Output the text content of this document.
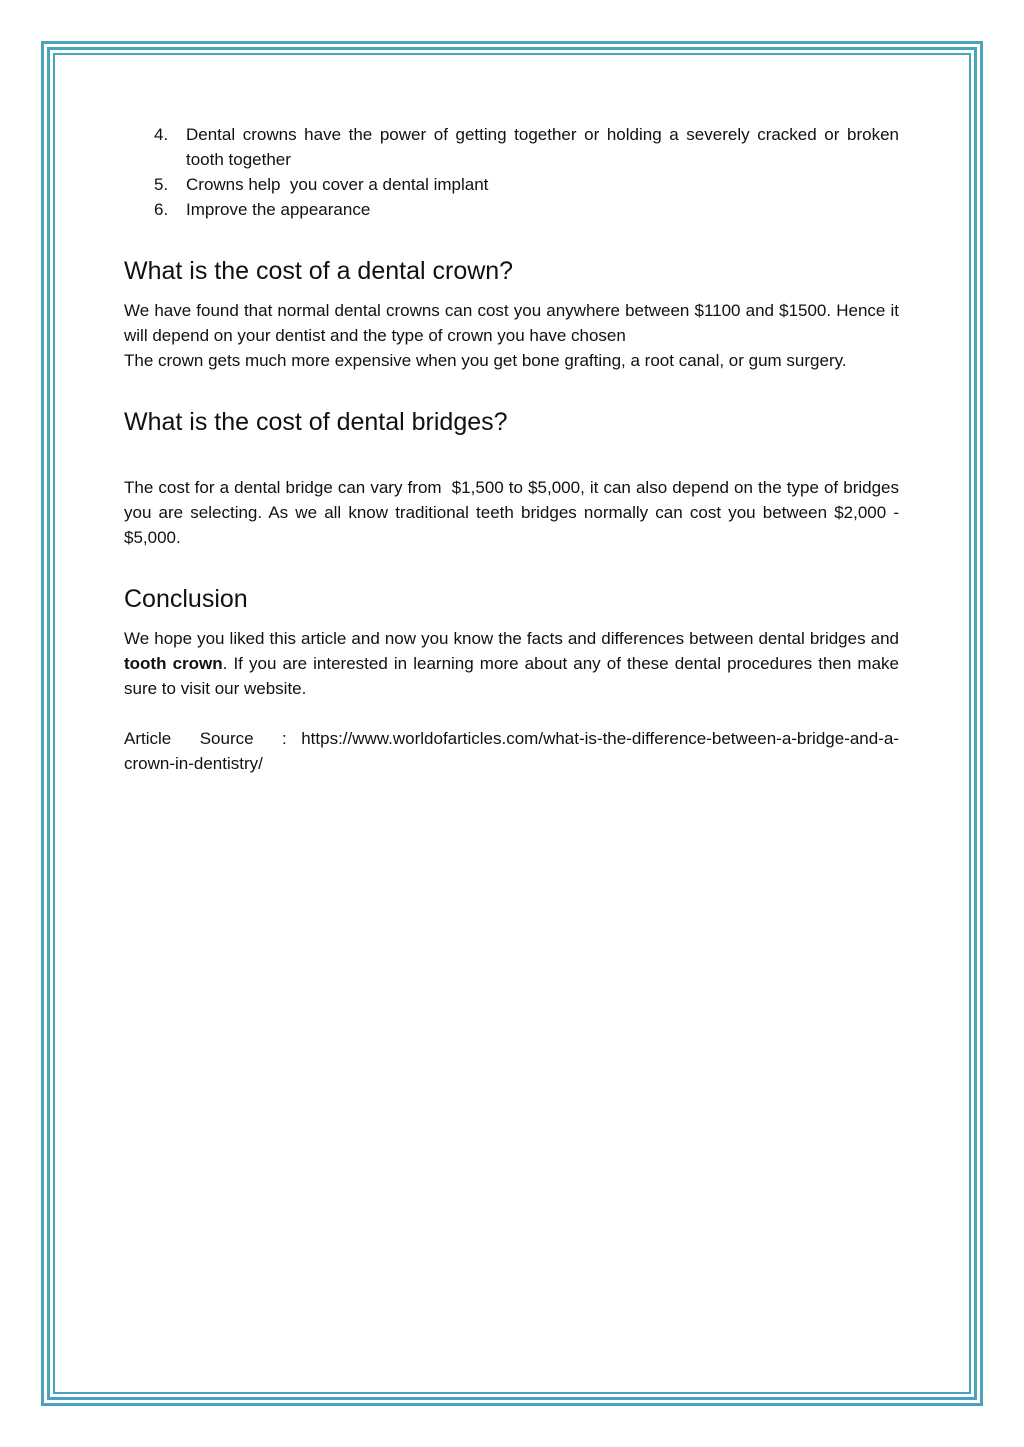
4. Dental crowns have the power of getting together or holding a severely cracked or broken tooth together
5. Crowns help  you cover a dental implant
6. Improve the appearance
What is the cost of a dental crown?

We have found that normal dental crowns can cost you anywhere between $1100 and $1500. Hence it will depend on your dentist and the type of crown you have chosen

The crown gets much more expensive when you get bone grafting, a root canal, or gum surgery.

What is the cost of dental bridges?

The cost for a dental bridge can vary from  $1,500 to $5,000, it can also depend on the type of bridges you are selecting. As we all know traditional teeth bridges normally can cost you between $2,000 - $5,000.

Conclusion

We hope you liked this article and now you know the facts and differences between dental bridges and tooth crown. If you are interested in learning more about any of these dental procedures then make sure to visit our website.

Article Source : https://www.worldofarticles.com/what-is-the-difference-between-a-bridge-and-a-crown-in-dentistry/
